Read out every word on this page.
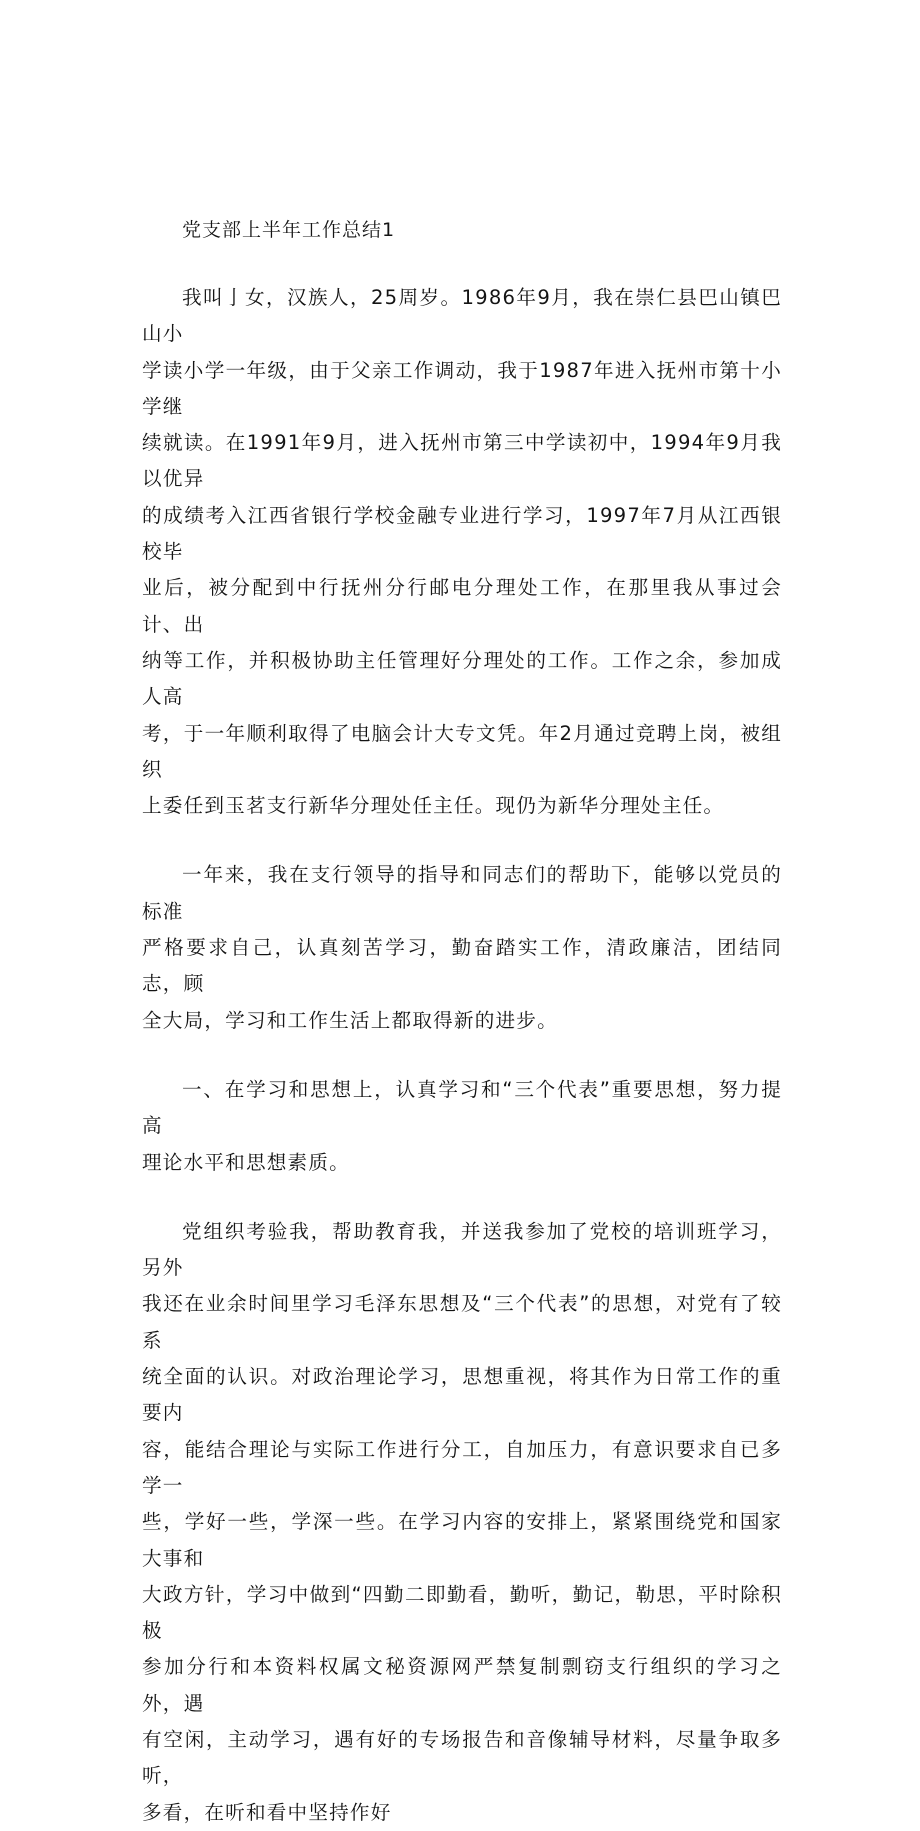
党支部上半年工作总结1

我叫亅女，汉族人，25周岁。1986年9月，我在崇仁县巴山镇巴山小
学读小学一年级，由于父亲工作调动，我于1987年进入抚州市第十小学继
续就读。在1991年9月，进入抚州市第三中学读初中，1994年9月我以优异
的成绩考入江西省银行学校金融专业进行学习，1997年7月从江西银校毕
业后，被分配到中行抚州分行邮电分理处工作，在那里我从事过会计、出
纳等工作，并积极协助主任管理好分理处的工作。工作之余，参加成人高
考，于一年顺利取得了电脑会计大专文凭。年2月通过竞聘上岗，被组织
上委任到玉茗支行新华分理处任主任。现仍为新华分理处主任。

一年来，我在支行领导的指导和同志们的帮助下，能够以党员的标准
严格要求自己，认真刻苦学习，勤奋踏实工作，清政廉洁，团结同志，顾
全大局，学习和工作生活上都取得新的进步。

一、在学习和思想上，认真学习和“三个代表”重要思想，努力提高
理论水平和思想素质。

党组织考验我，帮助教育我，并送我参加了党校的培训班学习，另外
我还在业余时间里学习毛泽东思想及“三个代表”的思想，对党有了较系
统全面的认识。对政治理论学习，思想重视，将其作为日常工作的重要内
容，能结合理论与实际工作进行分工，自加压力，有意识要求自已多学一
些，学好一些，学深一些。在学习内容的安排上，紧紧围绕党和国家大事和
大政方针，学习中做到“四勤二即勤看，勤听，勤记，勒思，平时除积极
参加分行和本资料权属文秘资源网严禁复制剽窃支行组织的学习之外，遇
有空闲，主动学习，遇有好的专场报告和音像辅导材料，尽量争取多听，
多看，在听和看中坚持作好
